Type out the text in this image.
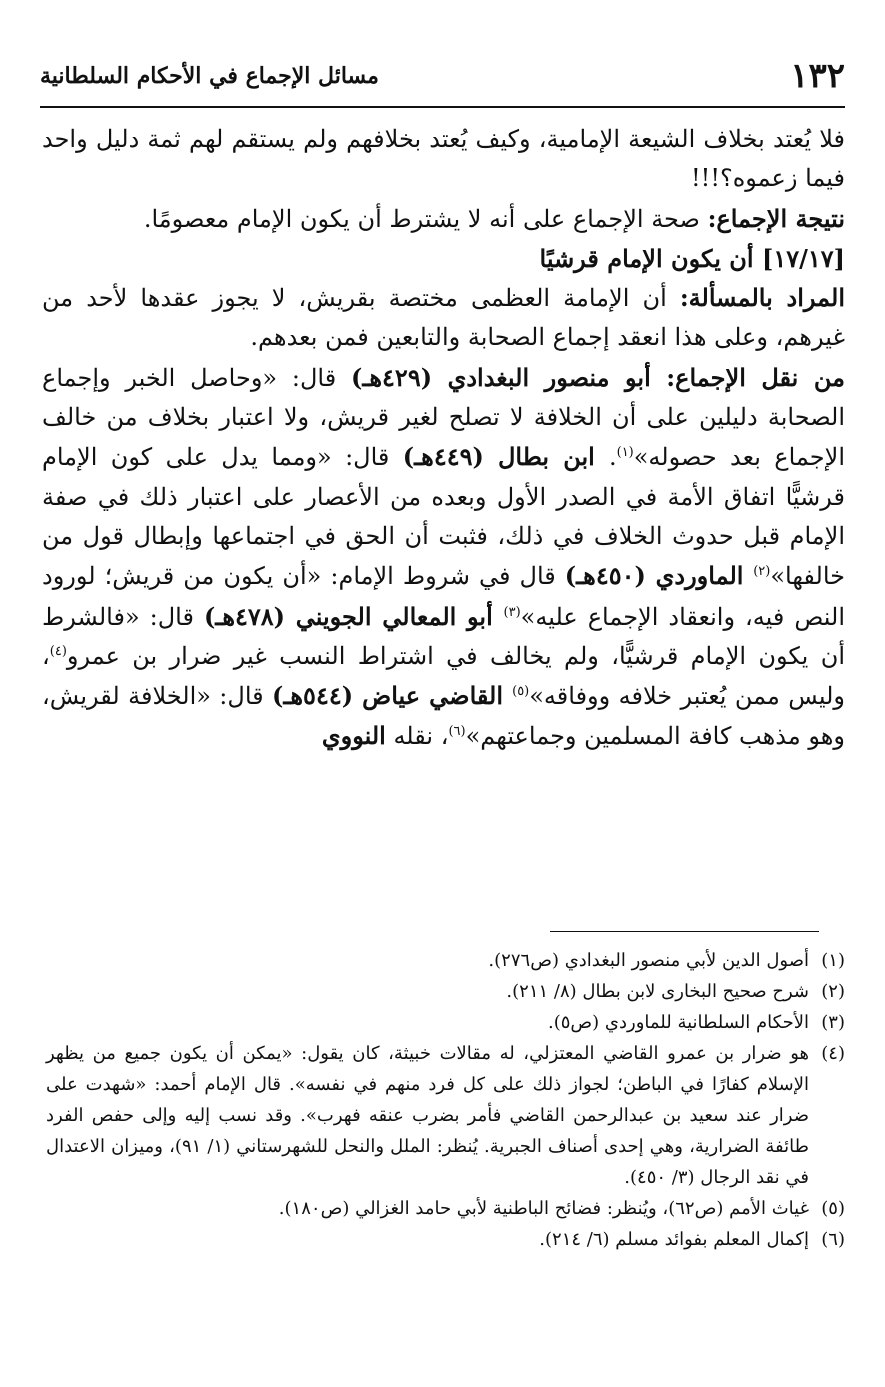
١٣٢
مسائل الإجماع في الأحكام السلطانية

فلا يُعتد بخلاف الشيعة الإمامية، وكيف يُعتد بخلافهم ولم يستقم لهم ثمة دليل واحد فيما زعموه؟!!!

نتيجة الإجماع: صحة الإجماع على أنه لا يشترط أن يكون الإمام معصومًا.

[١٧/١٧] أن يكون الإمام قرشيًا

المراد بالمسألة: أن الإمامة العظمى مختصة بقريش، لا يجوز عقدها لأحد من غيرهم، وعلى هذا انعقد إجماع الصحابة والتابعين فمن بعدهم.

من نقل الإجماع: أبو منصور البغدادي (٤٢٩هـ) قال: «وحاصل الخبر وإجماع الصحابة دليلين على أن الخلافة لا تصلح لغير قريش، ولا اعتبار بخلاف من خالف الإجماع بعد حصوله»$^{(١)}$. ابن بطال (٤٤٩هـ) قال: «ومما يدل على كون الإمام قرشيًّا اتفاق الأمة في الصدر الأول وبعده من الأعصار على اعتبار ذلك في صفة الإمام قبل حدوث الخلاف في ذلك، فثبت أن الحق في اجتماعها وإبطال قول من خالفها»$^{(٢)}$ الماوردي (٤٥٠هـ) قال في شروط الإمام: «أن يكون من قريش؛ لورود النص فيه، وانعقاد الإجماع عليه»$^{(٣)}$ أبو المعالي الجويني (٤٧٨هـ) قال: «فالشرط أن يكون الإمام قرشيًّا، ولم يخالف في اشتراط النسب غير ضرار بن عمرو$^{(٤)}$، وليس ممن يُعتبر خلافه ووفاقه»$^{(٥)}$ القاضي عياض (٥٤٤هـ) قال: «الخلافة لقريش، وهو مذهب كافة المسلمين وجماعتهم»$^{(٦)}$، نقله النووي

(١)
أصول الدين لأبي منصور البغدادي (ص٢٧٦).
(٢)
شرح صحيح البخارى لابن بطال (٨/ ٢١١).
(٣)
الأحكام السلطانية للماوردي (ص٥).
(٤)
هو ضرار بن عمرو القاضي المعتزلي، له مقالات خبيثة، كان يقول: «يمكن أن يكون جميع من يظهر الإسلام كفارًا في الباطن؛ لجواز ذلك على كل فرد منهم في نفسه». قال الإمام أحمد: «شهدت على ضرار عند سعيد بن عبدالرحمن القاضي فأمر بضرب عنقه فهرب». وقد نسب إليه وإلى حفص الفرد طائفة الضرارية، وهي إحدى أصناف الجبرية. يُنظر: الملل والنحل للشهرستاني (١/ ٩١)، وميزان الاعتدال في نقد الرجال (٣/ ٤٥٠).
(٥)
غياث الأمم (ص٦٢)، ويُنظر: فضائح الباطنية لأبي حامد الغزالي (ص١٨٠).
(٦)
إكمال المعلم بفوائد مسلم (٦/ ٢١٤).
